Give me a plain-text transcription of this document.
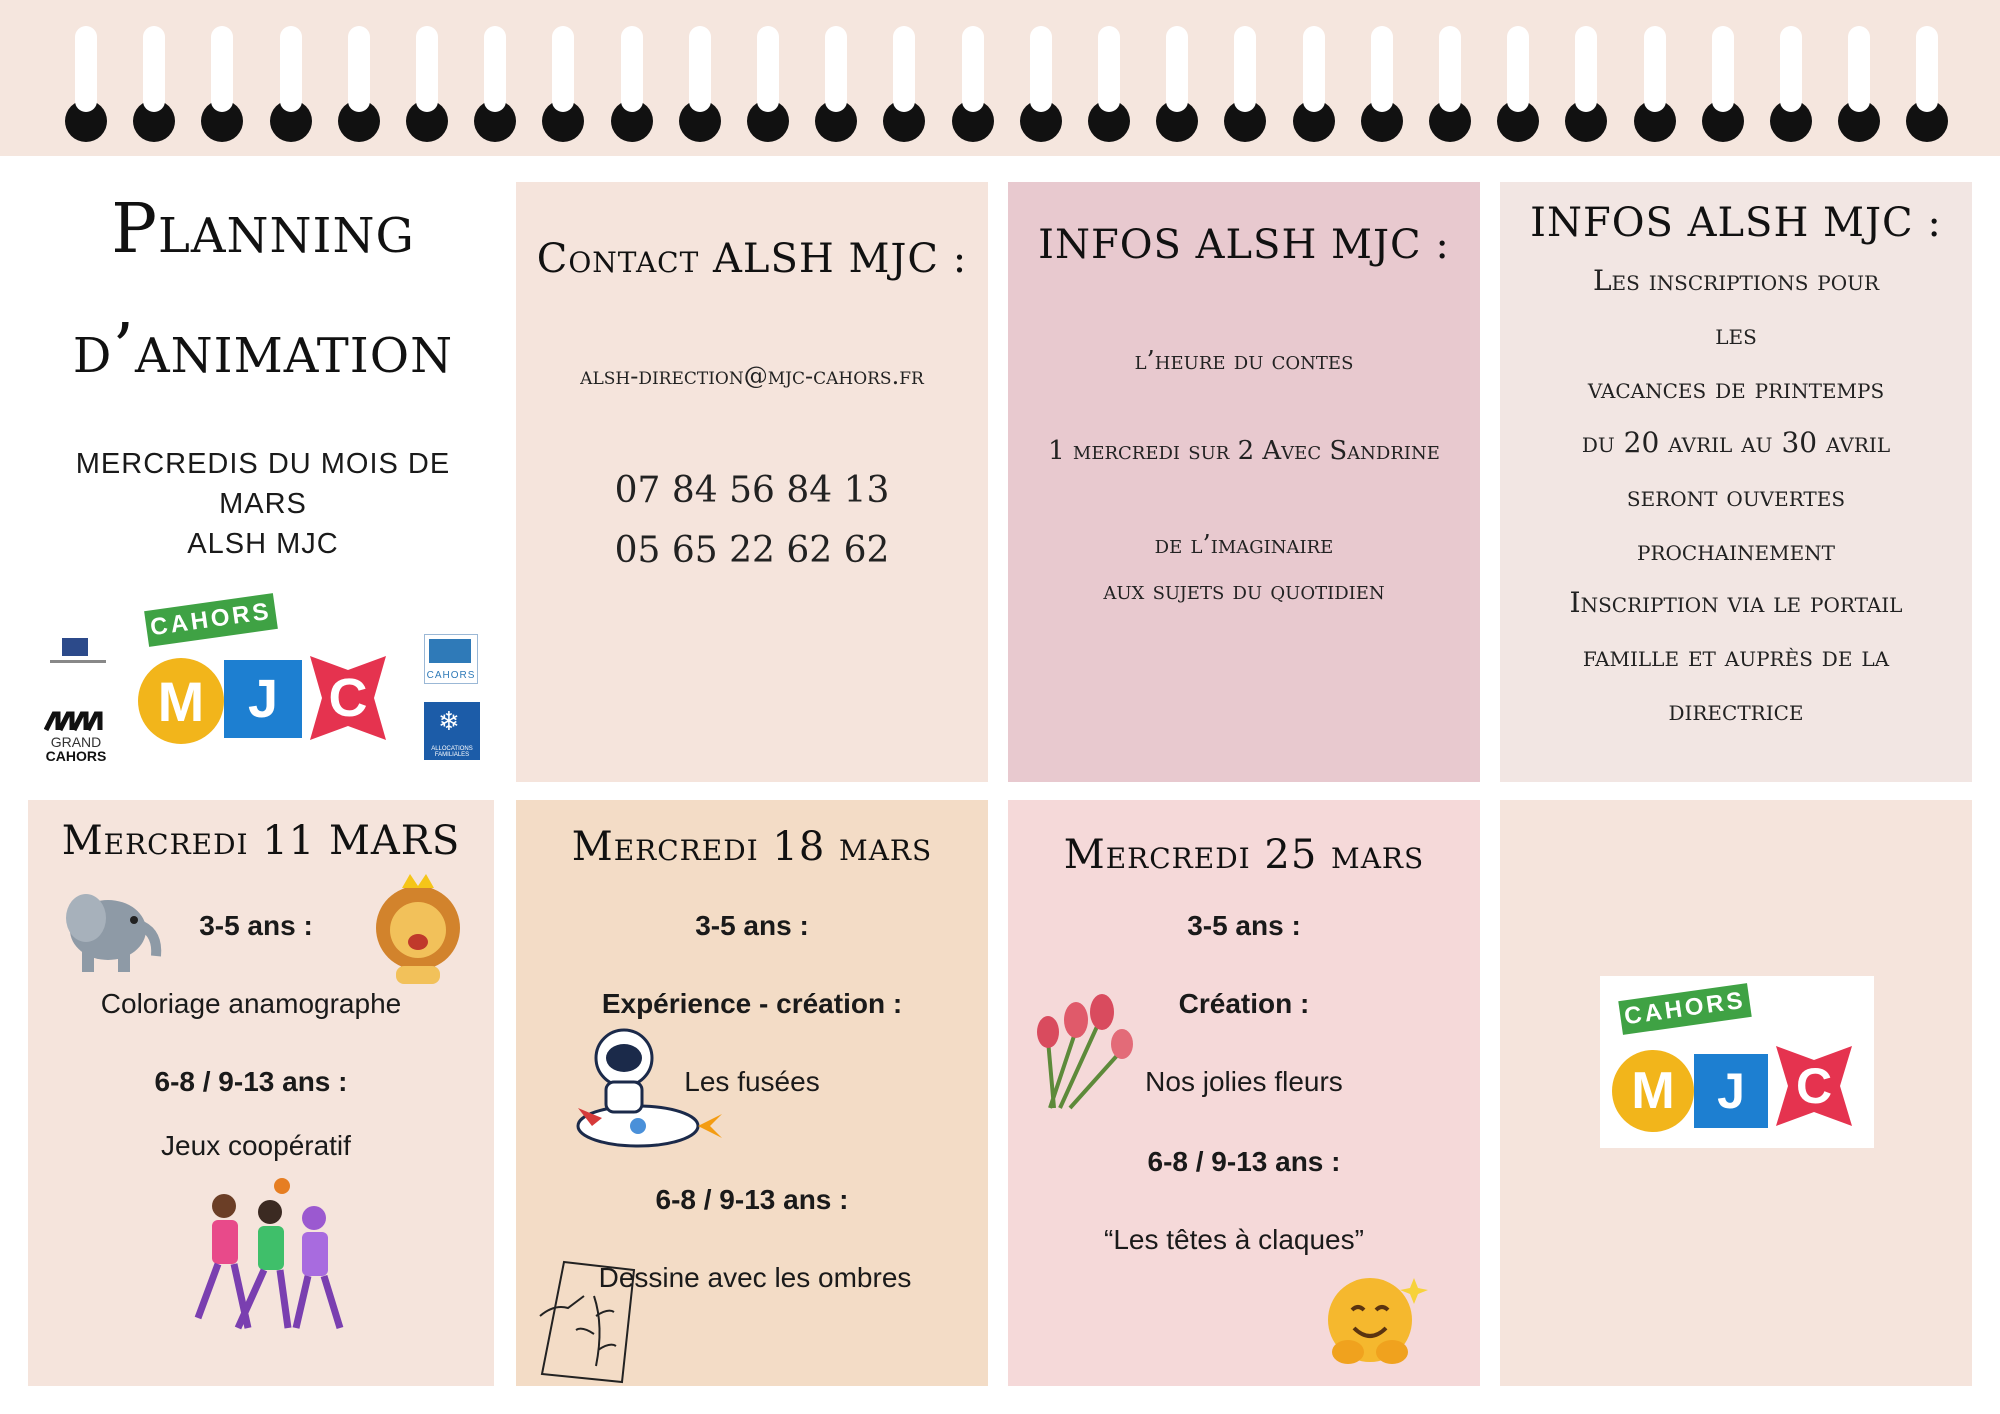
Planning
d’animation
MERCREDIS DU MOIS DE
MARS
ALSH MJC
GRAND
CAHORS
CAHORS
M J C	CAHORS
❄
ALLOCATIONS FAMILIALES
Contact ALSH MJC :
alsh-direction@mjc-cahors.fr
07 84 56 84 13
05 65 22 62 62
INFOS ALSH MJC :
l’heure du contes
1 mercredi sur 2 Avec Sandrine
de l’imaginaire
aux sujets du quotidien
INFOS ALSH MJC :
Les inscriptions pour
les
vacances de printemps
du 20 avril au 30 avril
seront ouvertes
prochainement
Inscription via le portail
famille et auprès de la
directrice
Mercredi 11 MARS
3-5 ans :
Coloriage anamographe
6-8 / 9-13 ans :
Jeux coopératif
Mercredi 18 mars
3-5 ans :
Expérience - création :
Les fusées
6-8 / 9-13 ans :
Dessine avec les ombres
Mercredi 25 mars
3-5 ans :
Création :
Nos jolies fleurs
6-8 / 9-13 ans :
“Les têtes à claques”
CAHORS
M J	C
